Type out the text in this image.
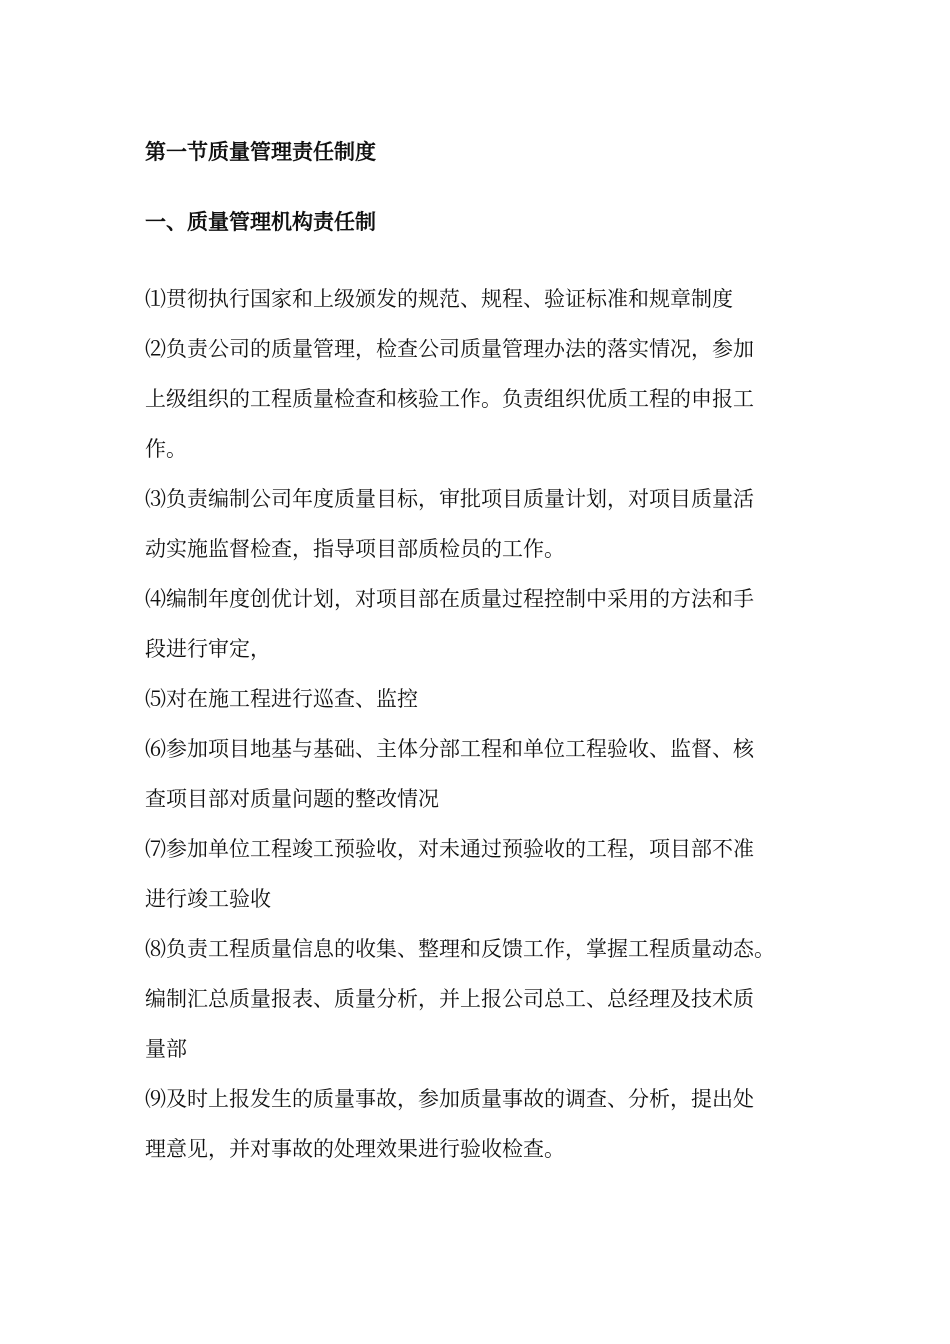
第一节质量管理责任制度
一、质量管理机构责任制
⑴贯彻执行国家和上级颁发的规范、规程、验证标准和规章制度
⑵负责公司的质量管理，检查公司质量管理办法的落实情况，参加
上级组织的工程质量检查和核验工作。负责组织优质工程的申报工
作。
⑶负责编制公司年度质量目标，审批项目质量计划，对项目质量活
动实施监督检查，指导项目部质检员的工作。
⑷编制年度创优计划，对项目部在质量过程控制中采用的方法和手
段进行审定，
⑸对在施工程进行巡查、监控
⑹参加项目地基与基础、主体分部工程和单位工程验收、监督、核
查项目部对质量问题的整改情况
⑺参加单位工程竣工预验收，对未通过预验收的工程，项目部不准
进行竣工验收
⑻负责工程质量信息的收集、整理和反馈工作，掌握工程质量动态。
编制汇总质量报表、质量分析，并上报公司总工、总经理及技术质
量部
⑼及时上报发生的质量事故，参加质量事故的调查、分析，提出处
理意见，并对事故的处理效果进行验收检查。
